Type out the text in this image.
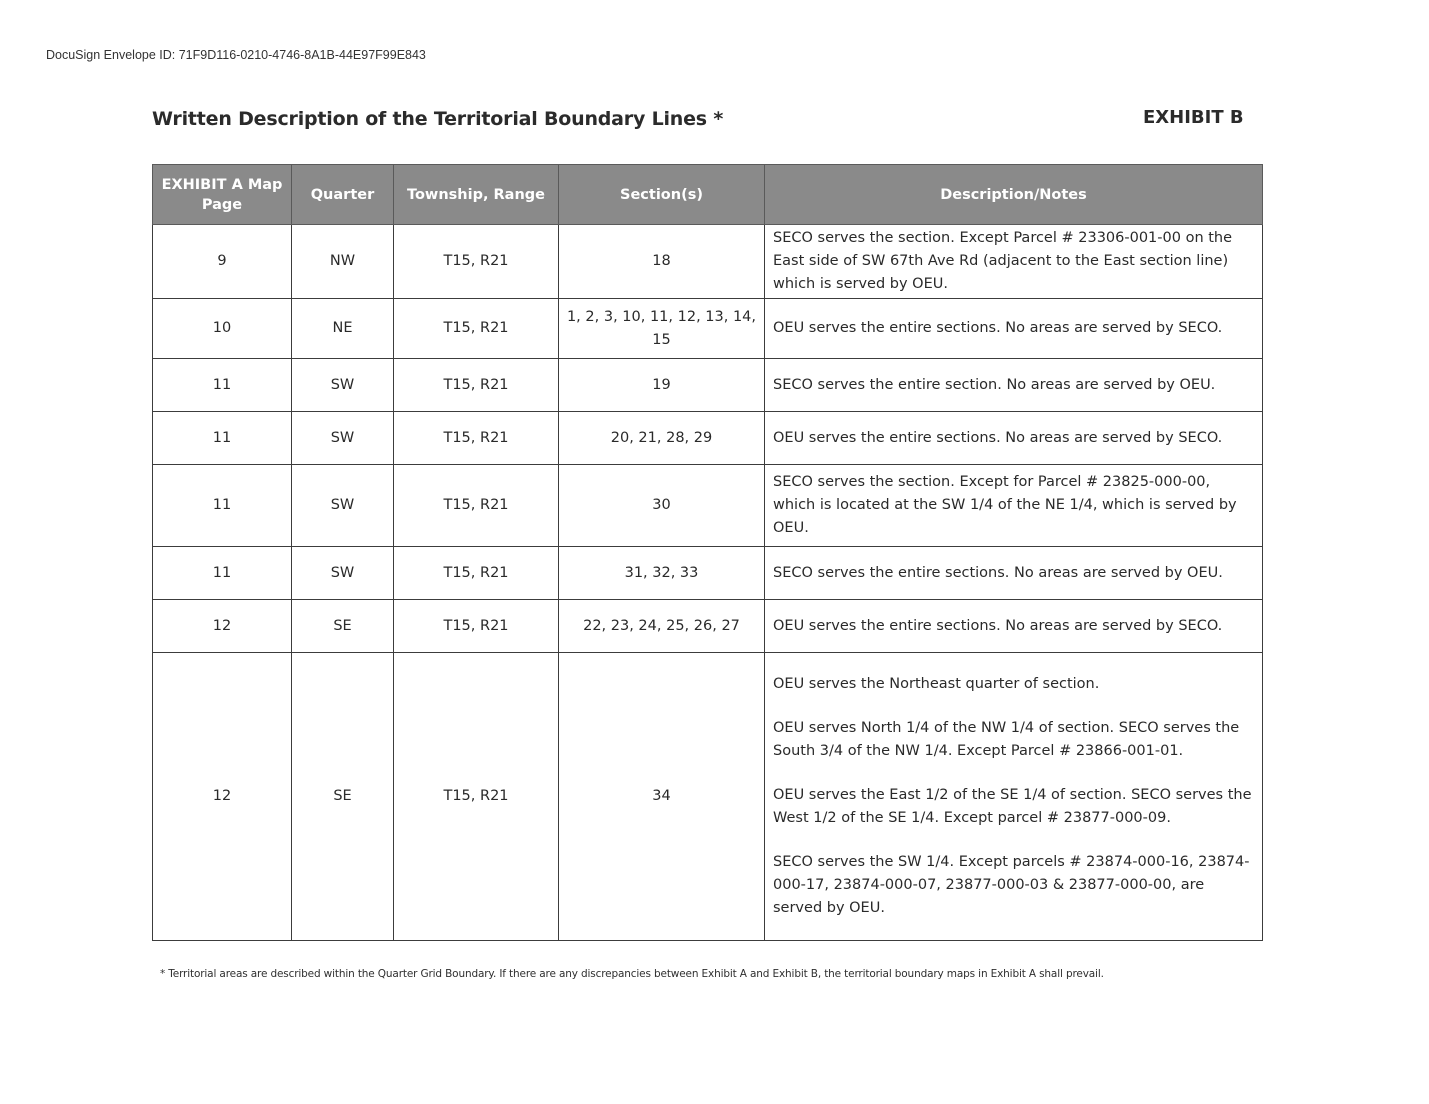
DocuSign Envelope ID: 71F9D116-0210-4746-8A1B-44E97F99E843
Written Description of the Territorial Boundary Lines *	EXHIBIT B
EXHIBIT A Map Page	Quarter	Township, Range	Section(s)	Description/Notes
9	NW	T15, R21	18	SECO serves the section. Except Parcel # 23306-001-00 on the East side of SW 67th Ave Rd (adjacent to the East section line) which is served by OEU.

10	NE	T15, R21	1, 2, 3, 10, 11, 12, 13, 14, 15	OEU serves the entire sections. No areas are served by SECO.

11	SW	T15, R21	19	SECO serves the entire section. No areas are served by OEU.

11	SW	T15, R21	20, 21, 28, 29	OEU serves the entire sections. No areas are served by SECO.

11	SW	T15, R21	30	SECO serves the section. Except for Parcel # 23825-000-00, which is located at the SW 1/4 of the NE 1/4, which is served by OEU.

11	SW	T15, R21	31, 32, 33	SECO serves the entire sections. No areas are served by OEU.

12	SE	T15, R21	22, 23, 24, 25, 26, 27	OEU serves the entire sections. No areas are served by SECO.

12	SE	T15, R21	34	OEU serves the Northeast quarter of section.
OEU serves North 1/4 of the NW 1/4 of section. SECO serves the South 3/4 of the NW 1/4. Except Parcel # 23866-001-01.
OEU serves the East 1/2 of the SE 1/4 of section. SECO serves the West 1/2 of the SE 1/4. Except parcel # 23877-000-09.
SECO serves the SW 1/4. Except parcels # 23874-000-16, 23874-000-17, 23874-000-07, 23877-000-03 & 23877-000-00, are served by OEU.
* Territorial areas are described within the Quarter Grid Boundary. If there are any discrepancies between Exhibit A and Exhibit B, the territorial boundary maps in Exhibit A shall prevail.
